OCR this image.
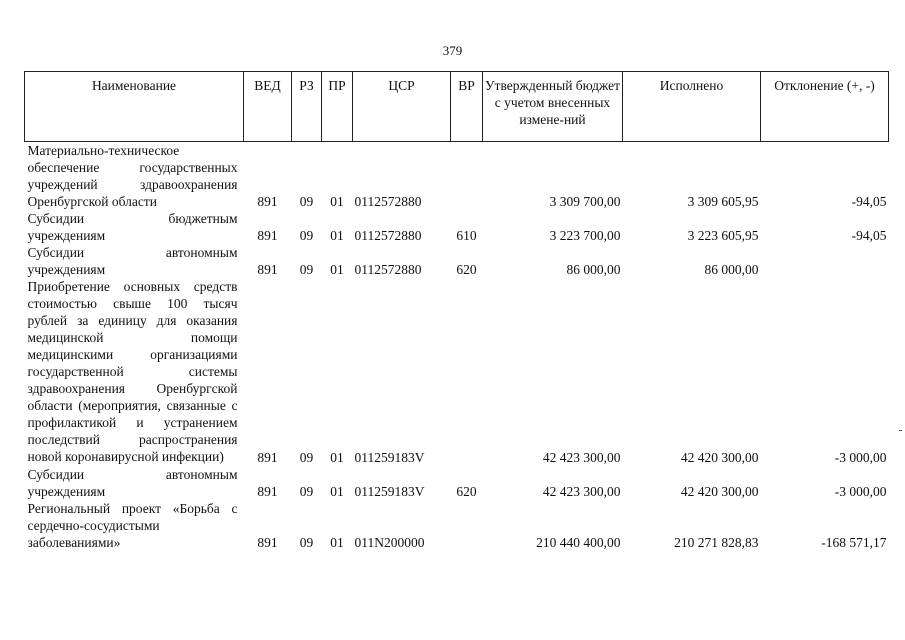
379
Наименование	ВЕД	РЗ	ПР	ЦСР	ВР	Утвержденный бюджет с учетом внесенных измене-ний	Исполнено	Отклонение (+, -)
Материально-техническое обеспечение государственных учреждений здравоохранения Оренбургской области	891	09	01	0112572880		3 309 700,00	3 309 605,95	-94,05
Субсидии бюджетным учреждениям	891	09	01	0112572880	610	3 223 700,00	3 223 605,95	-94,05
Субсидии автономным учреждениям	891	09	01	0112572880	620	86 000,00	86 000,00	
Приобретение основных средств стоимостью свыше 100 тысяч рублей за единицу для оказания медицинской помощи медицинскими организациями государственной системы здравоохранения Оренбургской области (мероприятия, связанные с профилактикой и устранением последствий распространения новой коронавирусной инфекции)	891	09	01	011259183V		42 423 300,00	42 420 300,00	-3 000,00
Субсидии автономным учреждениям	891	09	01	011259183V	620	42 423 300,00	42 420 300,00	-3 000,00
Региональный проект «Борьба с сердечно-сосудистыми заболеваниями»	891	09	01	011N200000		210 440 400,00	210 271 828,83	-168 571,17
